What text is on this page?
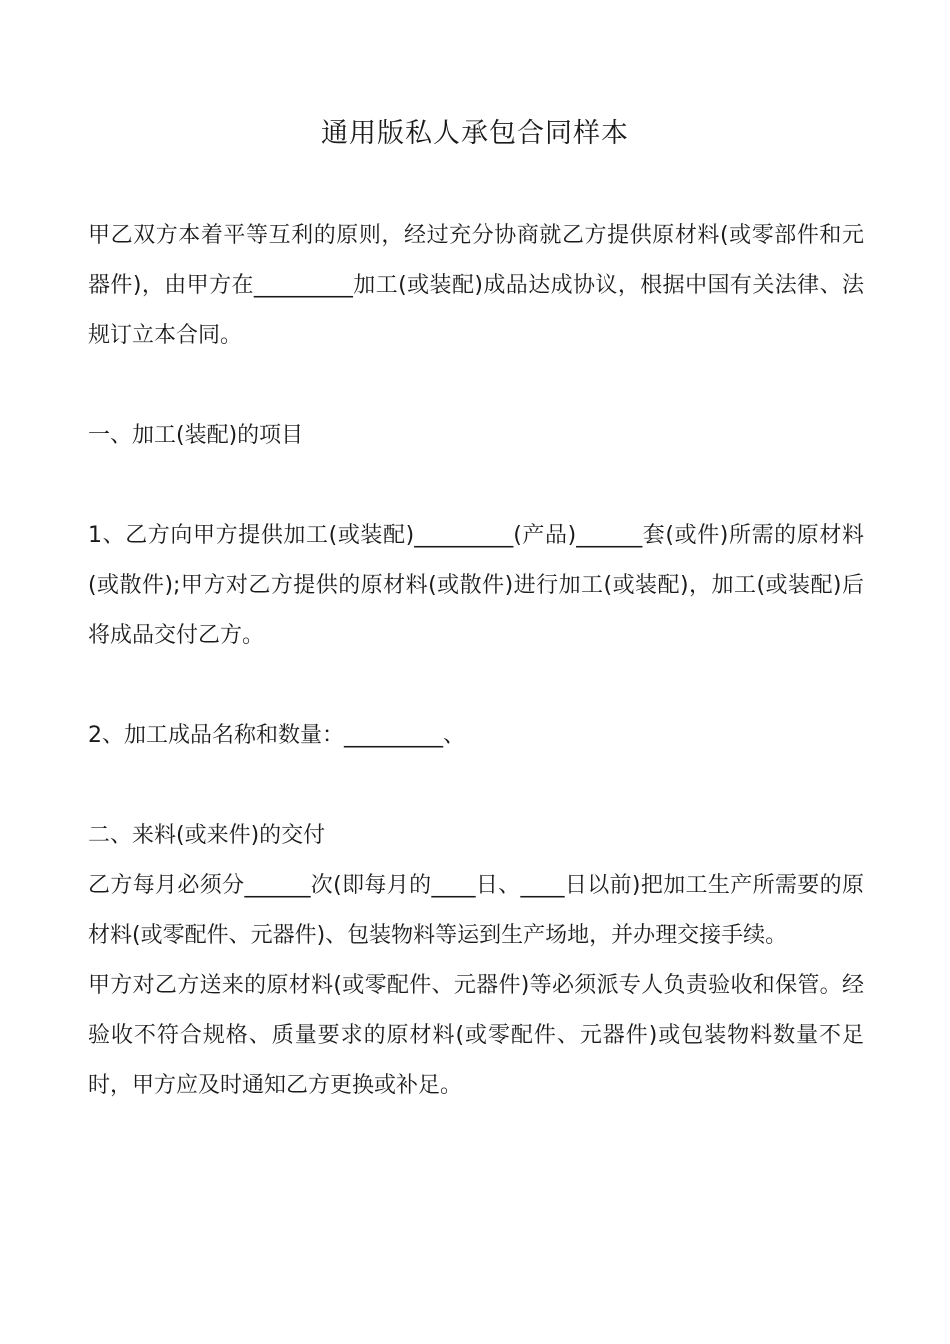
通用版私人承包合同样本

甲乙双方本着平等互利的原则，经过充分协商就乙方提供原材料(或零部件和元器件)，由甲方在_________加工(或装配)成品达成协议，根据中国有关法律、法规订立本合同。

一、加工(装配)的项目

1、乙方向甲方提供加工(或装配)_________(产品)______套(或件)所需的原材料(或散件);甲方对乙方提供的原材料(或散件)进行加工(或装配)，加工(或装配)后将成品交付乙方。

2、加工成品名称和数量：_________、

二、来料(或来件)的交付

乙方每月必须分______次(即每月的____日、____日以前)把加工生产所需要的原材料(或零配件、元器件)、包装物料等运到生产场地，并办理交接手续。

甲方对乙方送来的原材料(或零配件、元器件)等必须派专人负责验收和保管。经验收不符合规格、质量要求的原材料(或零配件、元器件)或包装物料数量不足时，甲方应及时通知乙方更换或补足。
